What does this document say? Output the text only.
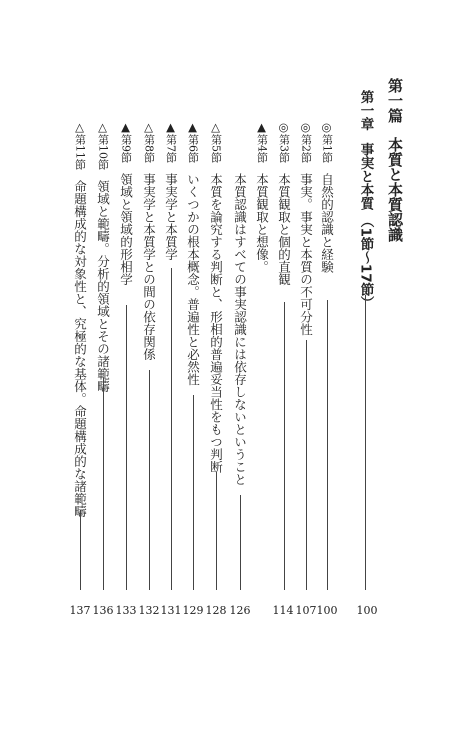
第一篇本質と本質認識
第一章事実と本質（1節〜17節）
100
◎第1節自然的認識と経験
100
◎第2節事実。事実と本質の不可分性
107
◎第3節本質観取と個的直観
114
▲第4節本質観取と想像。
本質認識はすべての事実認識には依存しないということ
126
△第5節本質を論究する判断と、形相的普遍妥当性をもつ判断
128
▲第6節いくつかの根本概念。普遍性と必然性
129
▲第7節事実学と本質学
131
△第8節事実学と本質学との間の依存関係
132
▲第9節領域と領域的形相学
133
△第10節領域と範疇。分析的領域とその諸範疇
136
△第11節命題構成的な対象性と、究極的な基体。命題構成的な諸範疇
137
